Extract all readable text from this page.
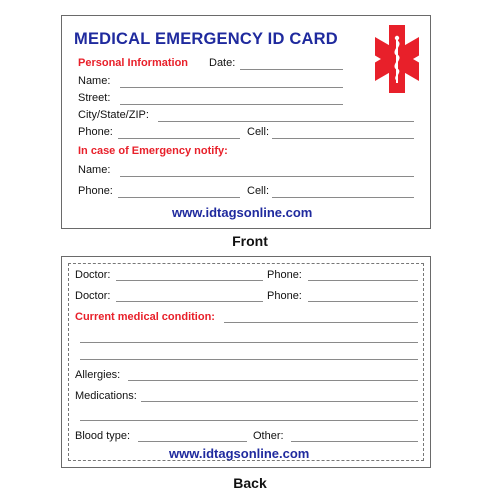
MEDICAL EMERGENCY ID CARD
Personal Information Date:
Name:
Street:
City/State/ZIP:
Phone:	Cell:
In case of Emergency notify:
Name:
Phone:	Cell:
www.idtagsonline.com
Front
Doctor:	Phone:
Doctor:	Phone:
Current medical condition:
Allergies:
Medications:
Blood type:	Other:
www.idtagsonline.com
Back
